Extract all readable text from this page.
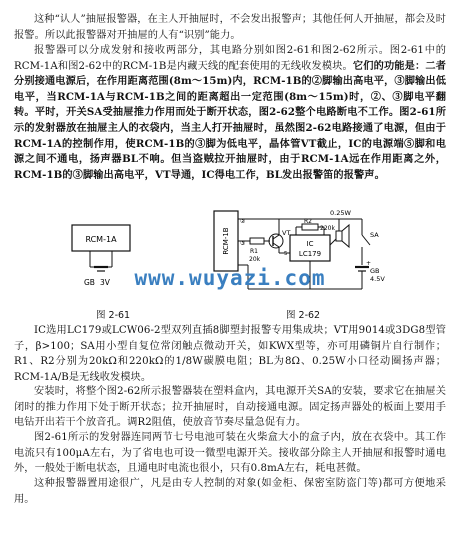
这种“认人”抽屉报警器，在主人开抽屉时，不会发出报警声；其他任何人开抽屉，都会及时报警。所以此报警器对开抽屉的人有“识别”能力。

报警器可以分成发射和接收两部分，其电路分别如图2-61和图2-62所示。图2-61中的RCM-1A和图2-62中的RCM-1B是内藏天线的配套使用的无线收发模块。它们的功能是：二者分别接通电源后，在作用距离范围(8m～15m)内，RCM-1B的②脚输出高电平，③脚输出低电平，当RCM-1A与RCM-1B之间的距离超出一定范围(8m～15m)时，②、③脚电平翻转。平时，开关SA受抽屉推力作用而处于断开状态，图2-62整个电路断电不工作。图2-61所示的发射器放在抽屉主人的衣袋内，当主人打开抽屉时，虽然图2-62电路接通了电源，但由于RCM-1A的控制作用，使RCM-1B的③脚为低电平，晶体管VT截止，IC的电源端⑤脚和电源之间不通电，扬声器BL不响。但当盗贼拉开抽屉时，由于RCM-1A远在作用距离之外，RCM-1B的③脚输出高电平，VT导通，IC得电工作，BL发出报警笛的报警声。

RCM-1A
GB 3V
图 2-61
RCM-1B
②
③
0.25W
R1
20k
VT
R2
220k
IC
LC179
5
SA
+
GB
4.5V
图 2-62
www.wuyazi.com

IC选用LC179或LCW06-2型双列直插8脚塑封报警专用集成块；VT用9014或3DG8型管子，β>100；SA用小型自复位常闭触点微动开关，如KWX型等，亦可用磷铜片自行制作；R1、R2分别为20kΩ和220kΩ的1/8W碳膜电阻；BL为8Ω、0.25W小口径动圈扬声器；RCM-1A/B是无线收发模块。

安装时，将整个图2-62所示报警器装在塑料盒内，其电源开关SA的安装，要求它在抽屉关闭时的推力作用下处于断开状态；拉开抽屉时，自动接通电源。固定扬声器处的板面上要用手电钻开出若干个放音孔。调R2阻值，使放音节奏尽量急促有力。

图2-61所示的发射器连同两节七号电池可装在火柴盒大小的盒子内，放在衣袋中。其工作电流只有100μA左右，为了省电也可设一微型电源开关。接收部分除主人开抽屉和报警时通电外，一般处于断电状态，且通电时电流也很小，只有0.8mA左右，耗电甚微。

这种报警器置用途很广，凡是由专人控制的对象(如金柜、保密室防盗门等)都可方便地采用。
